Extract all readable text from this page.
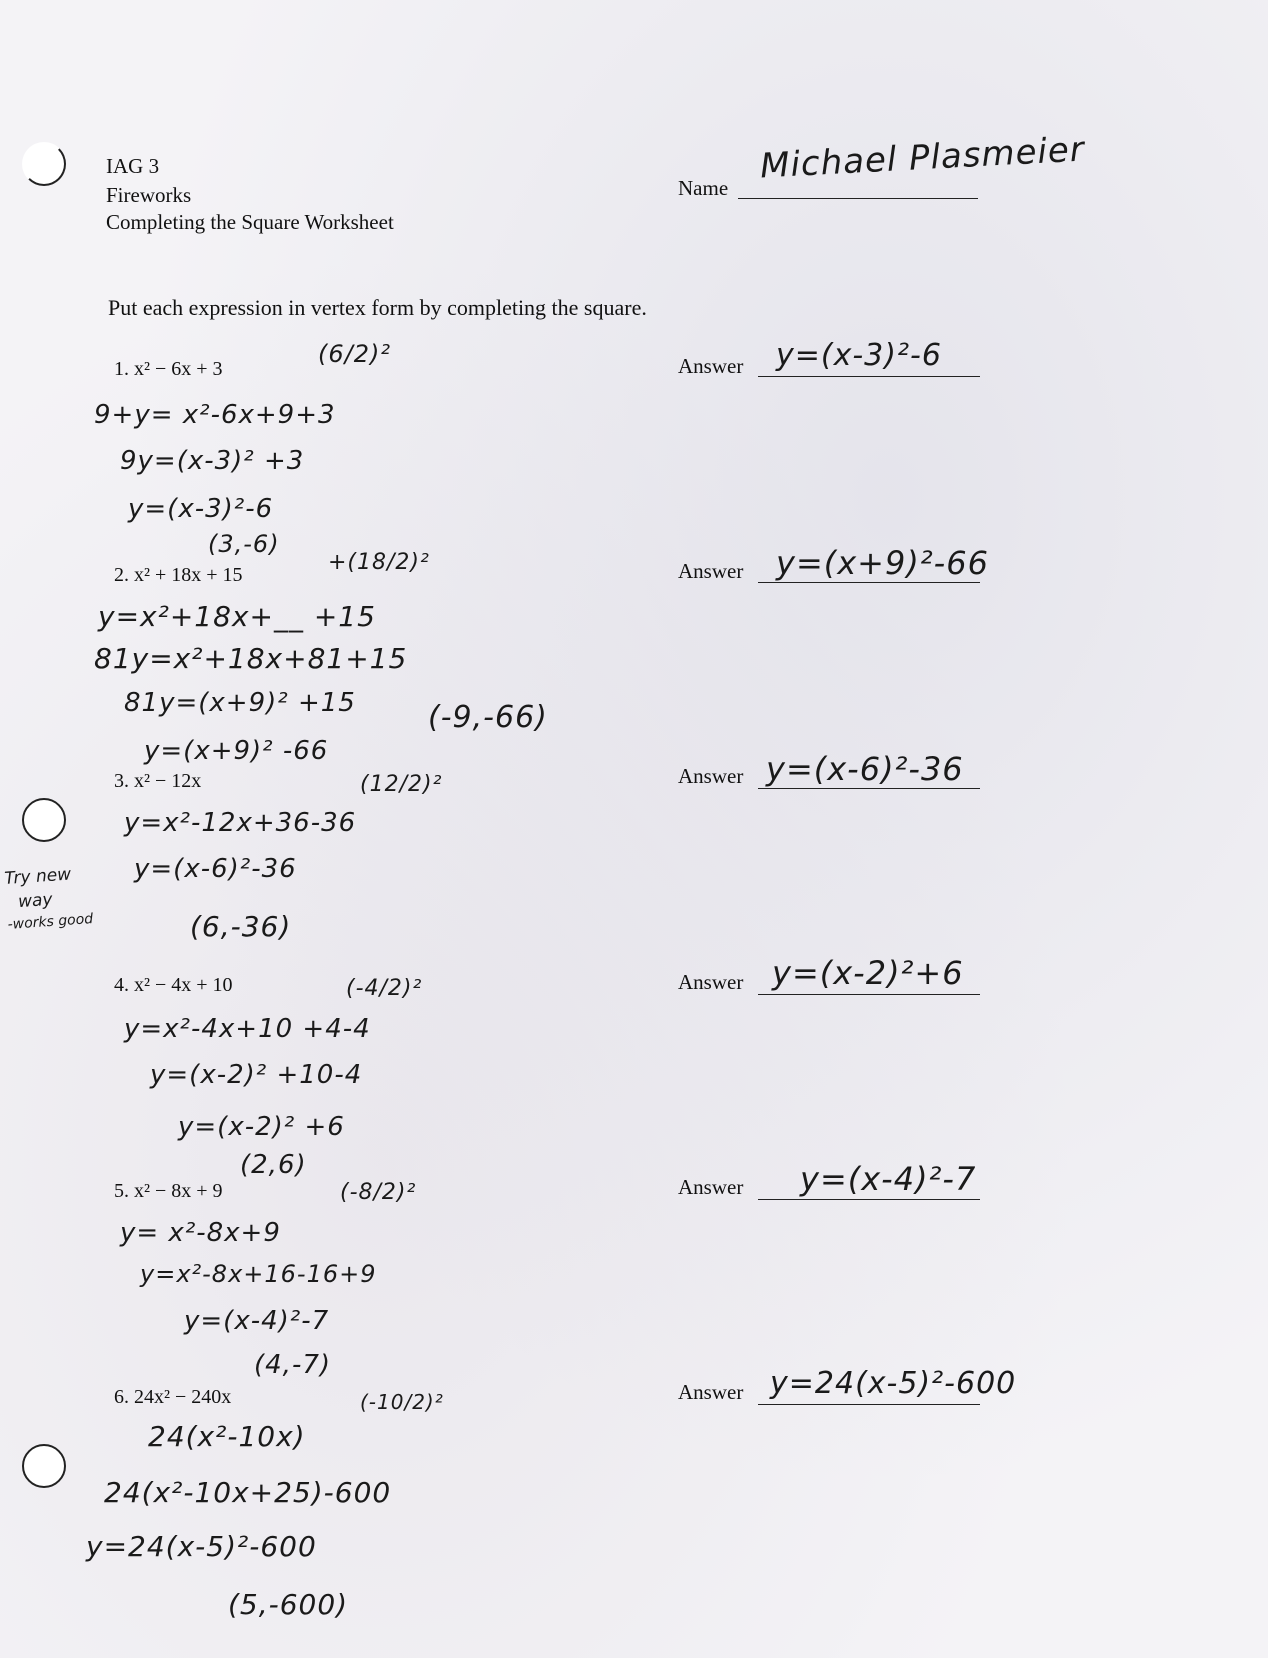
IAG 3
Fireworks
Completing the Square Worksheet
Name
Michael Plasmeier
Put each expression in vertex form by completing the square.
1. x² − 6x + 3
(6/2)²
9+y= x²-6x+9+3
9y=(x-3)² +3
y=(x-3)²-6
(3,-6)
Answer y=(x-3)²-6
2. x² + 18x + 15	+(18/2)²
y=x²+18x+__ +15
81y=x²+18x+81+15
81y=(x+9)² +15
y=(x+9)² -66
(-9,-66)
Answer y=(x+9)²-66
3. x² − 12x	(12/2)²
y=x²-12x+36-36
y=(x-6)²-36
(6,-36)
Answer y=(x-6)²-36
4. x² − 4x + 10	(-4/2)²
y=x²-4x+10 +4-4
y=(x-2)² +10-4
y=(x-2)² +6
(2,6)
Answer y=(x-2)²+6
5. x² − 8x + 9	(-8/2)²
y= x²-8x+9
y=x²-8x+16-16+9
y=(x-4)²-7
(4,-7)
Answer y=(x-4)²-7
6. 24x² − 240x	(-10/2)²
24(x²-10x)
24(x²-10x+25)-600
y=24(x-5)²-600
(5,-600)
Answer y=24(x-5)²-600
Try new
way
-works good
